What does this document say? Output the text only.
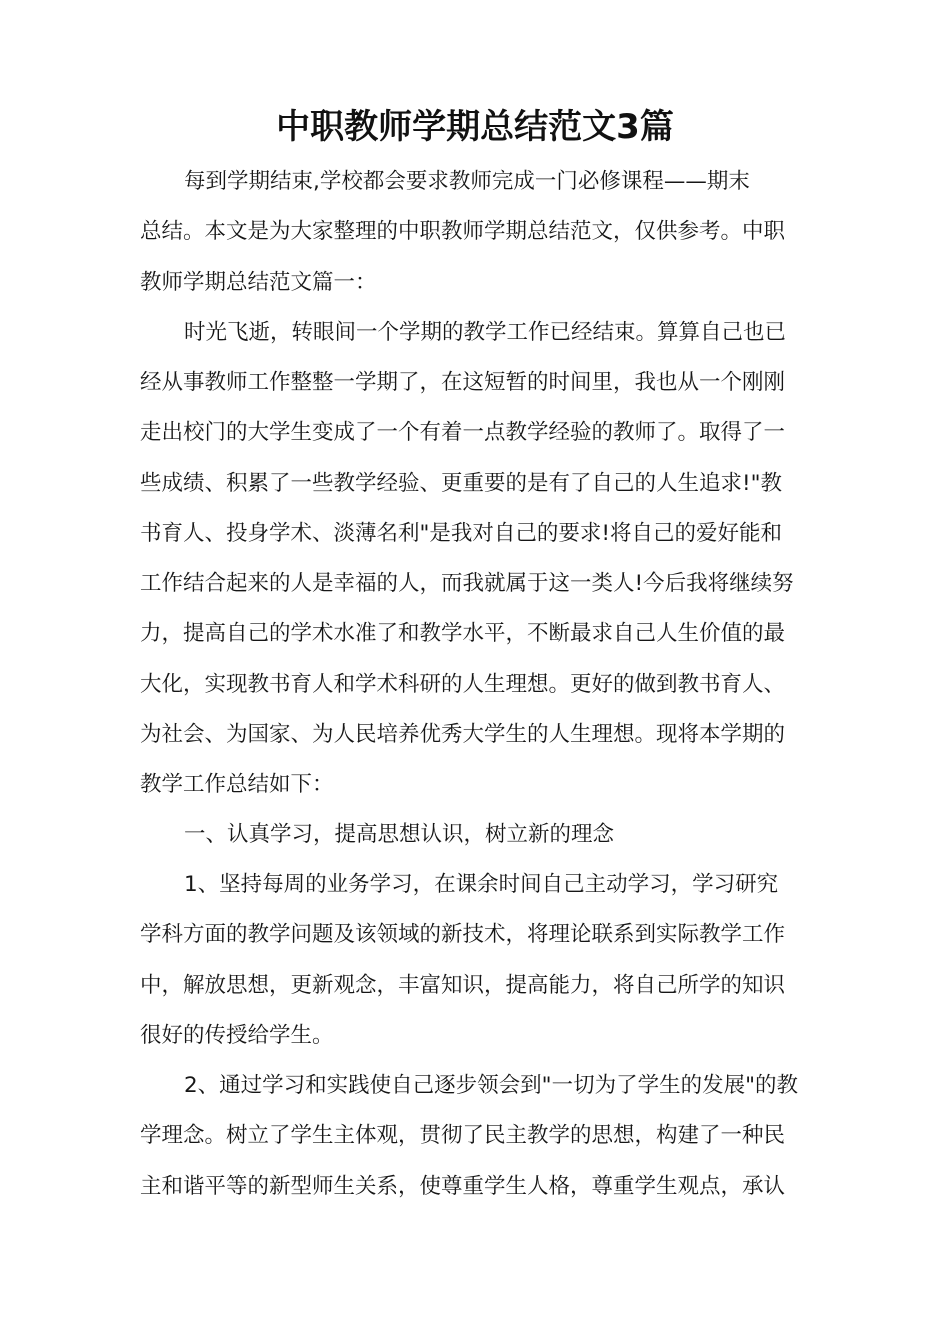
中职教师学期总结范文3篇

每到学期结束,学校都会要求教师完成一门必修课程——期末

总结。本文是为大家整理的中职教师学期总结范文，仅供参考。中职

教师学期总结范文篇一：

时光飞逝，转眼间一个学期的教学工作已经结束。算算自己也已

经从事教师工作整整一学期了，在这短暂的时间里，我也从一个刚刚

走出校门的大学生变成了一个有着一点教学经验的教师了。取得了一

些成绩、积累了一些教学经验、更重要的是有了自己的人生追求!"教

书育人、投身学术、淡薄名利"是我对自己的要求!将自己的爱好能和

工作结合起来的人是幸福的人，而我就属于这一类人!今后我将继续努

力，提高自己的学术水准了和教学水平，不断最求自己人生价值的最

大化，实现教书育人和学术科研的人生理想。更好的做到教书育人、

为社会、为国家、为人民培养优秀大学生的人生理想。现将本学期的

教学工作总结如下：

一、认真学习，提高思想认识，树立新的理念

1、坚持每周的业务学习，在课余时间自己主动学习，学习研究

学科方面的教学问题及该领域的新技术，将理论联系到实际教学工作

中，解放思想，更新观念，丰富知识，提高能力，将自己所学的知识

很好的传授给学生。

2、通过学习和实践使自己逐步领会到"一切为了学生的发展"的教

学理念。树立了学生主体观，贯彻了民主教学的思想，构建了一种民

主和谐平等的新型师生关系，使尊重学生人格，尊重学生观点，承认
